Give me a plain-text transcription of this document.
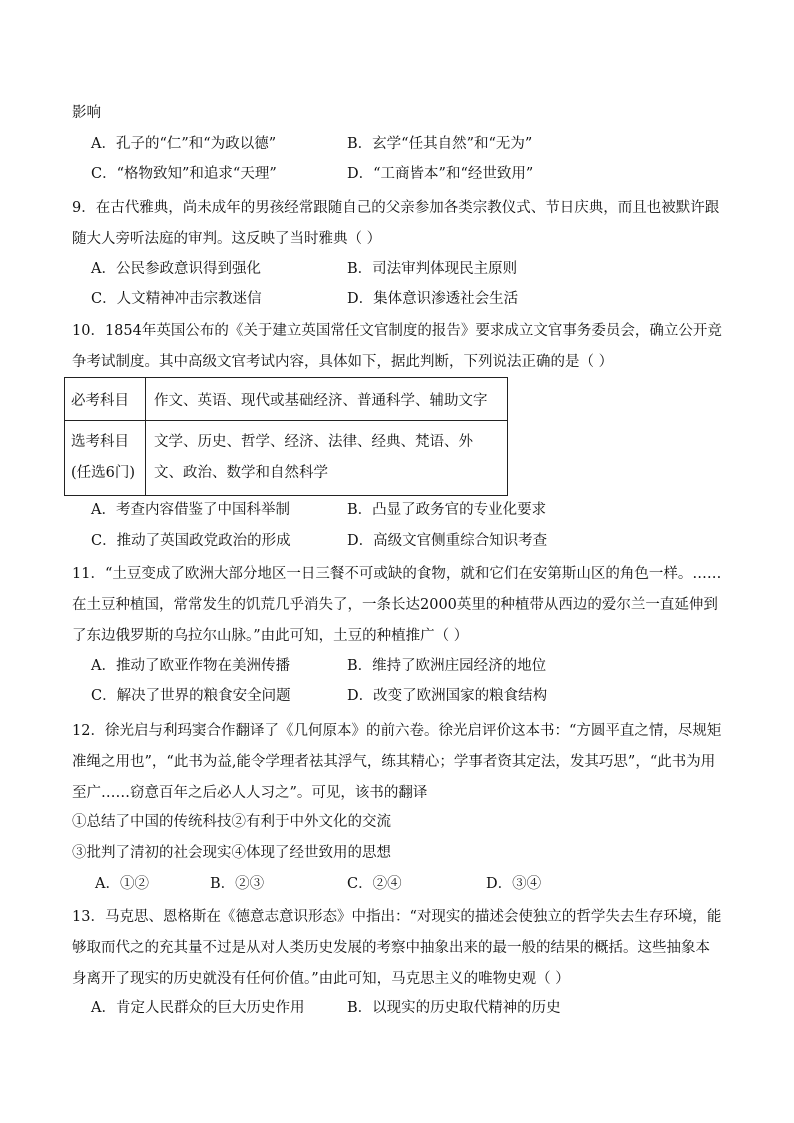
影响
A．孔子的“仁”和“为政以德”	B．玄学“任其自然”和“无为”
C．“格物致知”和追求“天理”	D．“工商皆本”和“经世致用”
9．在古代雅典，尚未成年的男孩经常跟随自己的父亲参加各类宗教仪式、节日庆典，而且也被默许跟随大人旁听法庭的审判。这反映了当时雅典（ ）
A．公民参政意识得到强化	B．司法审判体现民主原则
C．人文精神冲击宗教迷信	D．集体意识渗透社会生活
10．1854年英国公布的《关于建立英国常任文官制度的报告》要求成立文官事务委员会，确立公开竞争考试制度。其中高级文官考试内容，具体如下，据此判断，下列说法正确的是（ ）
必考科目	作文、英语、现代或基础经济、普通科学、辅助文字

选考科目
(任选6门)	文学、历史、哲学、经济、法律、经典、梵语、外文、政治、数学和自然科学
A．考查内容借鉴了中国科举制	B．凸显了政务官的专业化要求
C．推动了英国政党政治的形成	D．高级文官侧重综合知识考查
11．“土豆变成了欧洲大部分地区一日三餐不可或缺的食物，就和它们在安第斯山区的角色一样。……在土豆种植国，常常发生的饥荒几乎消失了，一条长达2000英里的种植带从西边的爱尔兰一直延伸到了东边俄罗斯的乌拉尔山脉。”由此可知，土豆的种植推广（ ）
A．推动了欧亚作物在美洲传播	B．维持了欧洲庄园经济的地位
C．解决了世界的粮食安全问题	D．改变了欧洲国家的粮食结构
12．徐光启与利玛窦合作翻译了《几何原本》的前六卷。徐光启评价这本书：“方圆平直之情，尽规矩准绳之用也”，“此书为益,能令学理者祛其浮气，练其精心；学事者资其定法，发其巧思”，“此书为用至广……窃意百年之后必人人习之”。可见，该书的翻译
①总结了中国的传统科技②有利于中外文化的交流
③批判了清初的社会现实④体现了经世致用的思想
A．①②	B．②③	C．②④	D．③④
13．马克思、恩格斯在《德意志意识形态》中指出：“对现实的描述会使独立的哲学失去生存环境，能够取而代之的充其量不过是从对人类历史发展的考察中抽象出来的最一般的结果的概括。这些抽象本身离开了现实的历史就没有任何价值。”由此可知，马克思主义的唯物史观（ ）
A．肯定人民群众的巨大历史作用	B．以现实的历史取代精神的历史
